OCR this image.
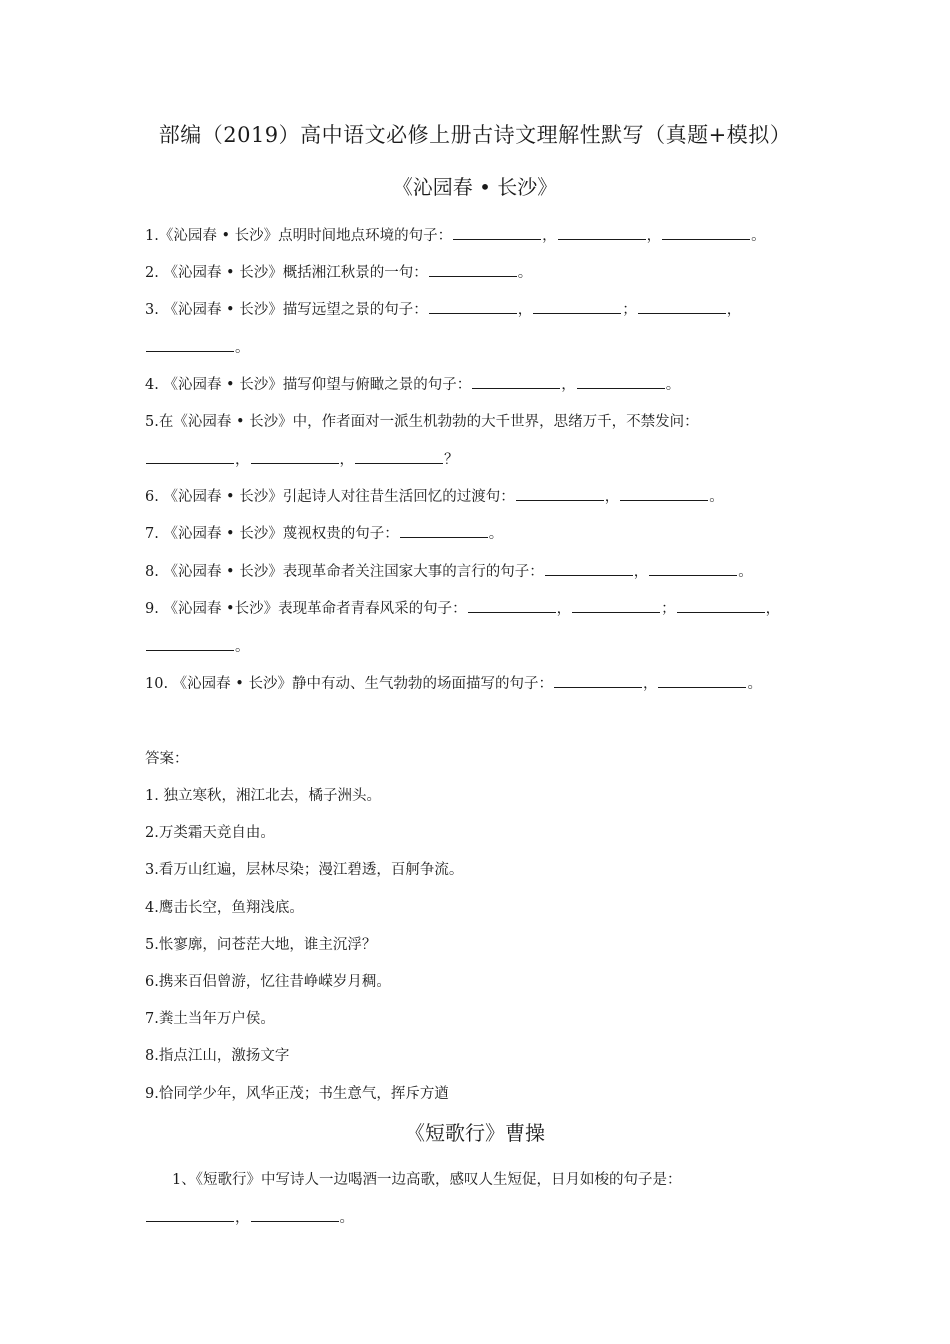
部编（2019）高中语文必修上册古诗文理解性默写（真题+模拟）
《沁园春 • 长沙》
1.《沁园春 • 长沙》点明时间地点环境的句子：	，	，	。
2. 《沁园春 • 长沙》概括湘江秋景的一句：	。
3. 《沁园春 • 长沙》描写远望之景的句子：	，	；	，
。
4. 《沁园春 • 长沙》描写仰望与俯瞰之景的句子：	，	。
5.在《沁园春 • 长沙》中，作者面对一派生机勃勃的大千世界，思绪万千，不禁发问：
，	，	？
6. 《沁园春 • 长沙》引起诗人对往昔生活回忆的过渡句：	，	。
7. 《沁园春 • 长沙》蔑视权贵的句子：	。
8. 《沁园春 • 长沙》表现革命者关注国家大事的言行的句子：	，	。
9. 《沁园春 •长沙》表现革命者青春风采的句子：	，	；	，
。
10. 《沁园春 • 长沙》静中有动、生气勃勃的场面描写的句子：	，	。
答案：
1. 独立寒秋，湘江北去，橘子洲头。
2.万类霜天竞自由。
3.看万山红遍，层林尽染；漫江碧透，百舸争流。
4.鹰击长空，鱼翔浅底。
5.怅寥廓，问苍茫大地，谁主沉浮？
6.携来百侣曾游，忆往昔峥嵘岁月稠。
7.粪土当年万户侯。
8.指点江山，激扬文字
9.恰同学少年，风华正茂；书生意气，挥斥方遒
《短歌行》曹操
1、《短歌行》中写诗人一边喝酒一边高歌，感叹人生短促，日月如梭的句子是：
，	。
